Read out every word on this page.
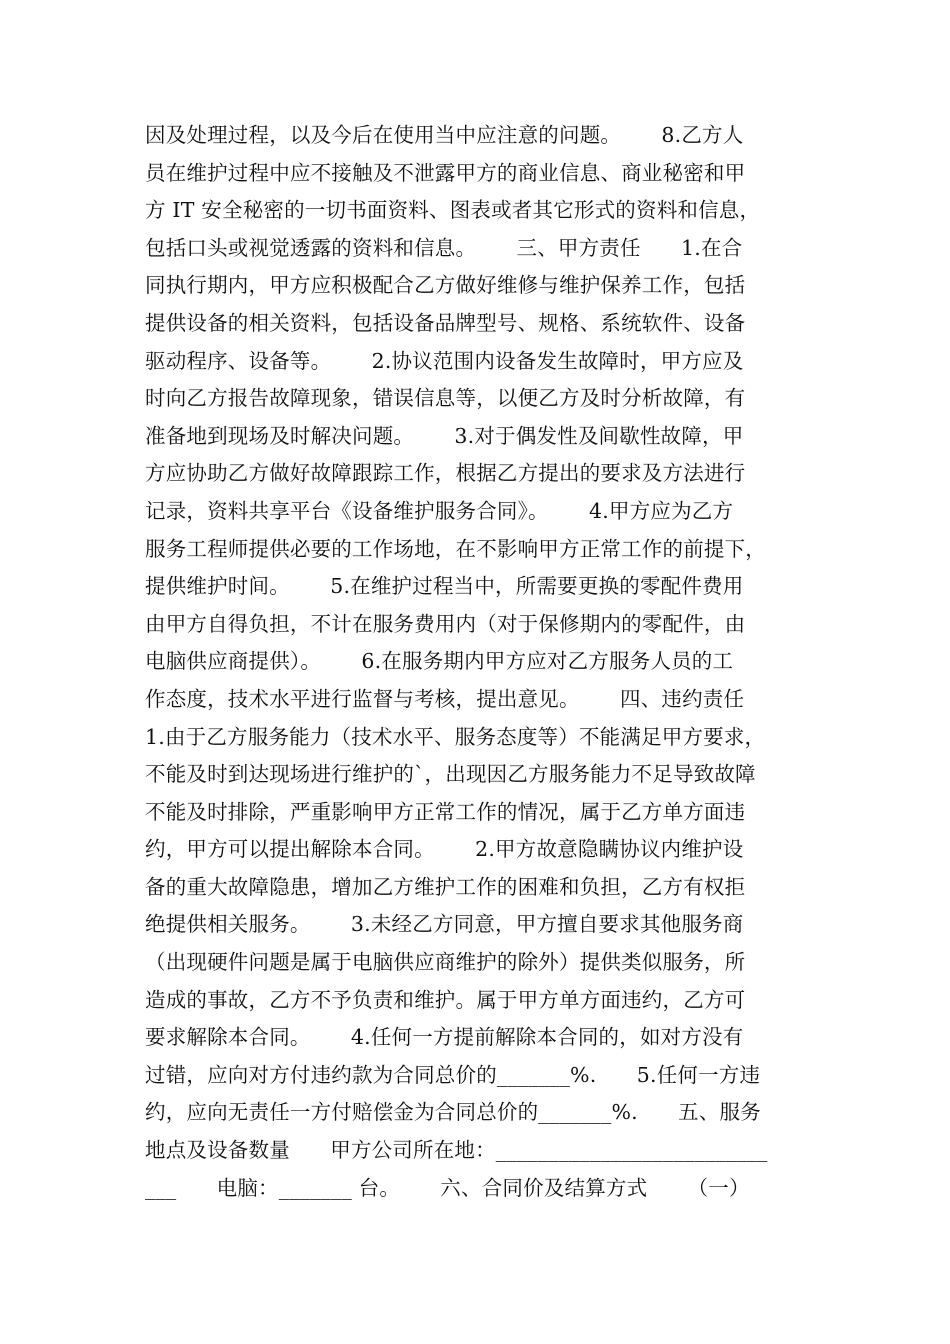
因及处理过程，以及今后在使用当中应注意的问题。      8.乙方人
员在维护过程中应不接触及不泄露甲方的商业信息、商业秘密和甲
方 IT 安全秘密的一切书面资料、图表或者其它形式的资料和信息，
包括口头或视觉透露的资料和信息。      三、甲方责任      1.在合
同执行期内，甲方应积极配合乙方做好维修与维护保养工作，包括
提供设备的相关资料，包括设备品牌型号、规格、系统软件、设备
驱动程序、设备等。      2.协议范围内设备发生故障时，甲方应及
时向乙方报告故障现象，错误信息等，以便乙方及时分析故障，有
准备地到现场及时解决问题。      3.对于偶发性及间歇性故障，甲
方应协助乙方做好故障跟踪工作，根据乙方提出的要求及方法进行
记录，资料共享平台《设备维护服务合同》。      4.甲方应为乙方
服务工程师提供必要的工作场地，在不影响甲方正常工作的前提下，
提供维护时间。      5.在维护过程当中，所需要更换的零配件费用
由甲方自得负担，不计在服务费用内（对于保修期内的零配件，由
电脑供应商提供）。      6.在服务期内甲方应对乙方服务人员的工
作态度，技术水平进行监督与考核，提出意见。      四、违约责任
1.由于乙方服务能力（技术水平、服务态度等）不能满足甲方要求，
不能及时到达现场进行维护的`，出现因乙方服务能力不足导致故障
不能及时排除，严重影响甲方正常工作的情况，属于乙方单方面违
约，甲方可以提出解除本合同。      2.甲方故意隐瞒协议内维护设
备的重大故障隐患，增加乙方维护工作的困难和负担，乙方有权拒
绝提供相关服务。      3.未经乙方同意，甲方擅自要求其他服务商
（出现硬件问题是属于电脑供应商维护的除外）提供类似服务，所
造成的事故，乙方不予负责和维护。属于甲方单方面违约，乙方可
要求解除本合同。      4.任何一方提前解除本合同的，如对方没有
过错，应向对方付违约款为合同总价的_______%.      5.任何一方违
约，应向无责任一方付赔偿金为合同总价的_______%.      五、服务
地点及设备数量      甲方公司所在地：__________________________
___      电脑：_______ 台。      六、合同价及结算方式      （一）
